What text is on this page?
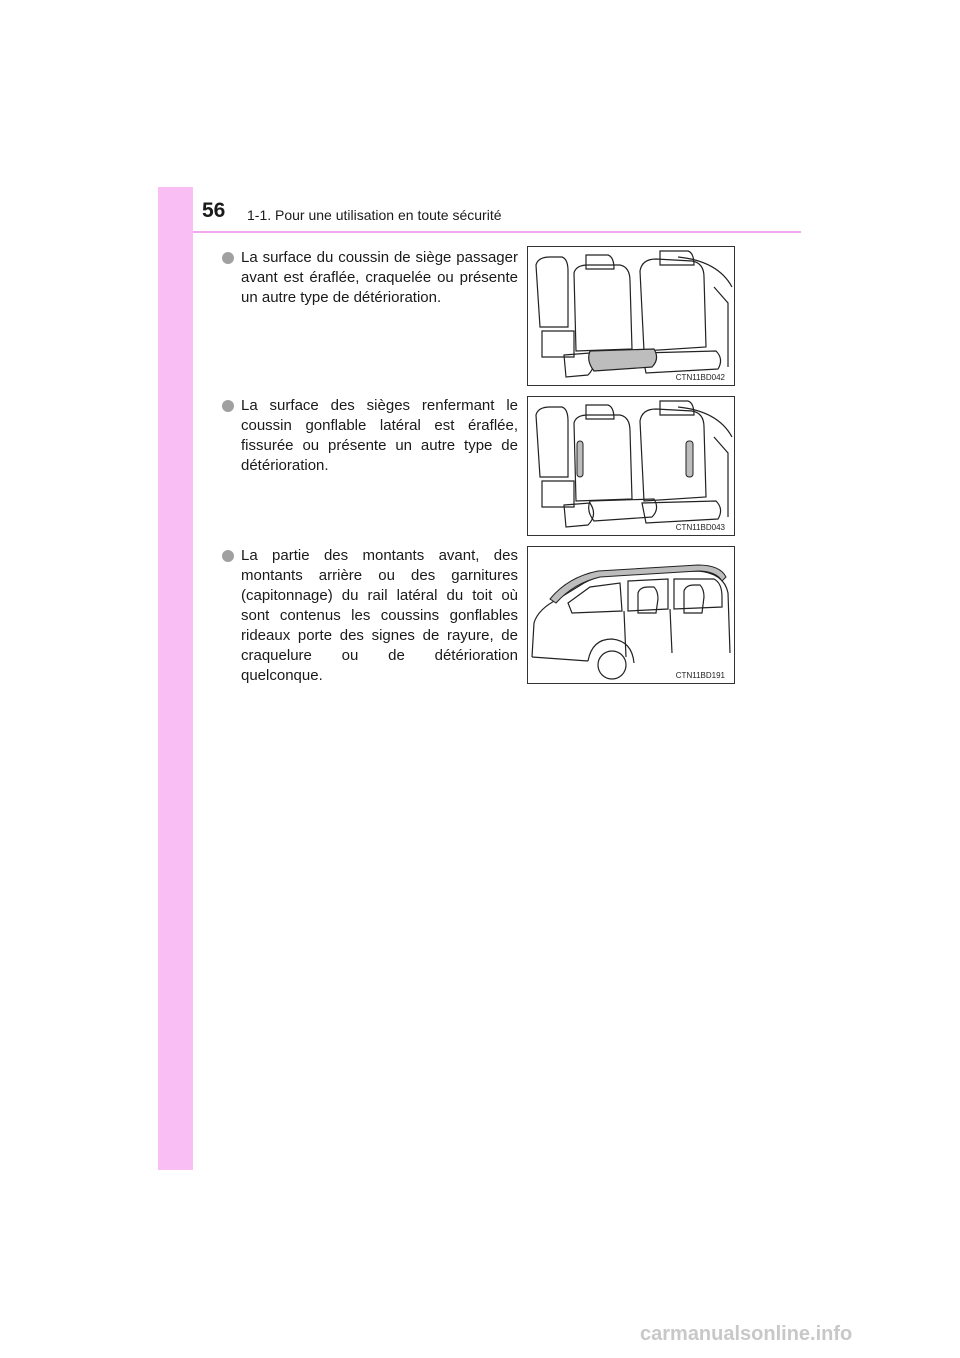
56 1-1. Pour une utilisation en toute sécurité
La surface du coussin de siège passager avant est éraflée, craquelée ou présente un autre type de détérioration.
CTN11BD042
La surface des sièges renfermant le coussin gonflable latéral est éraflée, fissurée ou présente un autre type de détérioration.
CTN11BD043
La partie des montants avant, des montants arrière ou des garnitures (capitonnage) du rail latéral du toit où sont contenus les coussins gonflables rideaux porte des signes de rayure, de craquelure ou de détérioration quelconque.	CTN11BD191
carmanualsonline.info
